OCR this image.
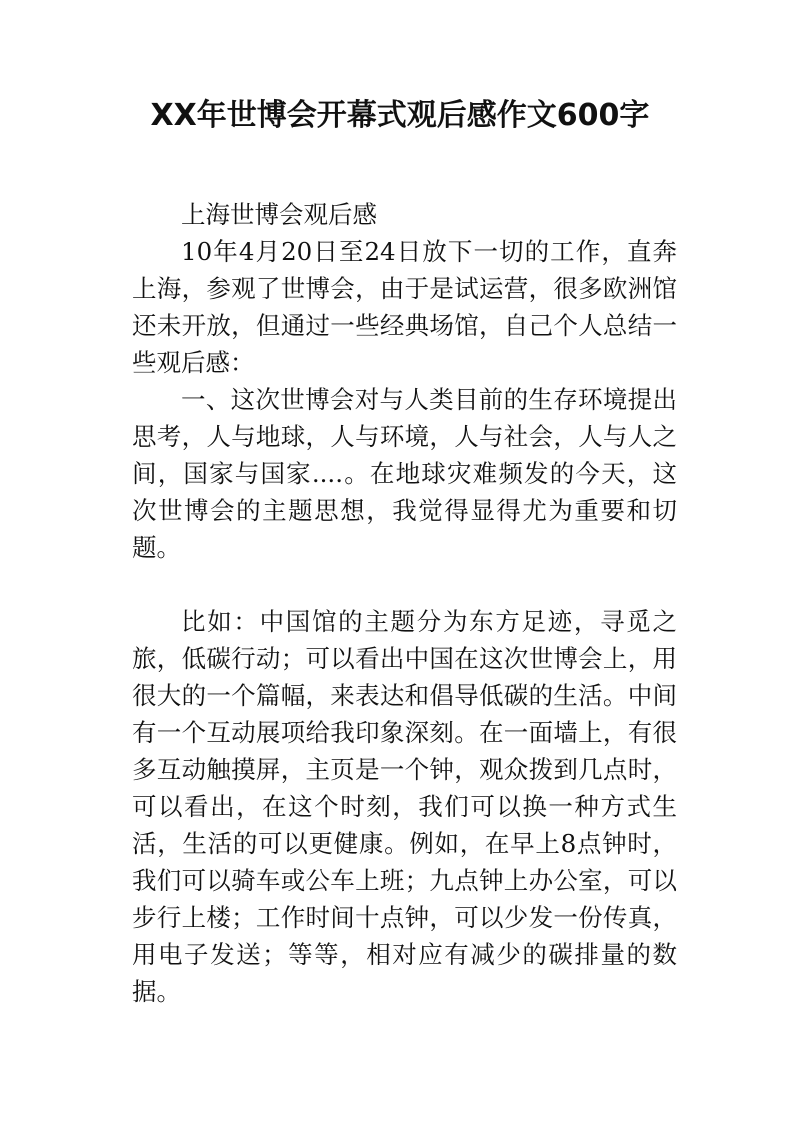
XX年世博会开幕式观后感作文600字

上海世博会观后感

10年4月20日至24日放下一切的工作，直奔上海，参观了世博会，由于是试运营，很多欧洲馆还未开放，但通过一些经典场馆，自己个人总结一些观后感：

一、这次世博会对与人类目前的生存环境提出思考，人与地球，人与环境，人与社会，人与人之间，国家与国家....。在地球灾难频发的今天，这次世博会的主题思想，我觉得显得尤为重要和切题。

比如：中国馆的主题分为东方足迹，寻觅之旅，低碳行动；可以看出中国在这次世博会上，用很大的一个篇幅，来表达和倡导低碳的生活。中间有一个互动展项给我印象深刻。在一面墙上，有很多互动触摸屏，主页是一个钟，观众拨到几点时，可以看出，在这个时刻，我们可以换一种方式生活，生活的可以更健康。例如，在早上8点钟时，我们可以骑车或公车上班；九点钟上办公室，可以步行上楼；工作时间十点钟，可以少发一份传真，用电子发送；等等，相对应有减少的碳排量的数据。
